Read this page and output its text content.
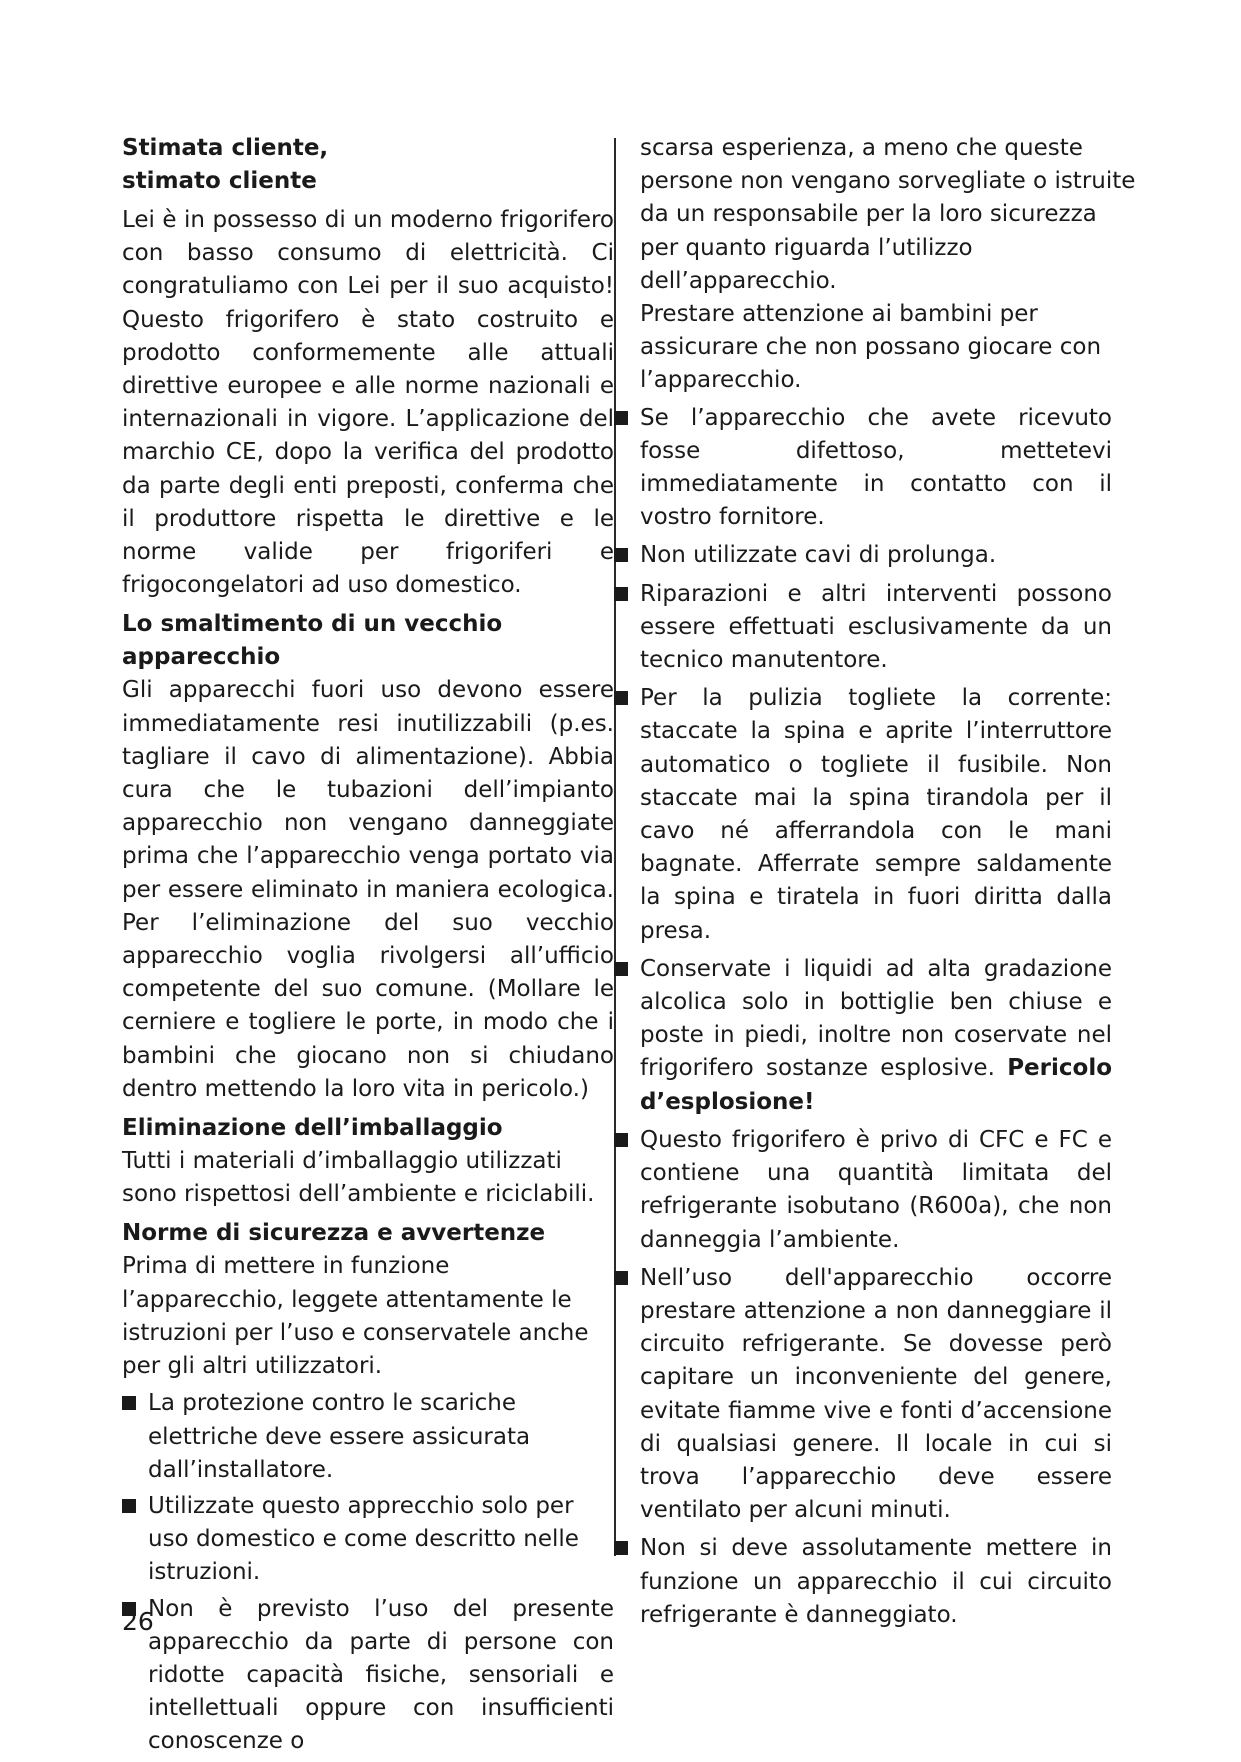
Stimata cliente,

stimato cliente

Lei è in possesso di un moderno frigorifero con basso consumo di elettricità. Ci congratuliamo con Lei per il suo acquisto! Questo frigorifero è stato costruito e prodotto conformemente alle attuali direttive europee e alle norme nazionali e internazionali in vigore. L’applicazione del marchio CE, dopo la verifica del prodotto da parte degli enti preposti, conferma che il produttore rispetta le direttive e le norme valide per frigoriferi e frigocongelatori ad uso domestico.

Lo smaltimento di un vecchio apparecchio

Gli apparecchi fuori uso devono essere immediatamente resi inutilizzabili (p.es. tagliare il cavo di alimentazione). Abbia cura che le tubazioni dell’impianto apparecchio non vengano danneggiate prima che l’apparecchio venga portato via per essere eliminato in maniera ecologica. Per l’eliminazione del suo vecchio apparecchio voglia rivolgersi all’ufficio competente del suo comune. (Mollare le cerniere e togliere le porte, in modo che i bambini che giocano non si chiudano dentro mettendo la loro vita in pericolo.)

Eliminazione dell’imballaggio

Tutti i materiali d’imballaggio utilizzati sono rispettosi dell’ambiente e riciclabili.

Norme di sicurezza e avvertenze

Prima di mettere in funzione l’apparecchio, leggete attentamente le istruzioni per l’uso e conservatele anche per gli altri utilizzatori.

La protezione contro le scariche elettriche deve essere assicurata dall’installatore.
Utilizzate questo apprecchio solo per uso domestico e come descritto nelle istruzioni.
Non è previsto l’uso del presente apparecchio da parte di persone con ridotte capacità fisiche, sensoriali e intellettuali oppure con insufficienti conoscenze o

scarsa esperienza, a meno che queste persone non vengano sorvegliate o istruite da un responsabile per la loro sicurezza per quanto riguarda l’utilizzo dell’apparecchio.

Prestare attenzione ai bambini per assicurare che non possano giocare con l’apparecchio.

Se l’apparecchio che avete ricevuto fosse difettoso, mettetevi immediatamente in contatto con il vostro fornitore.
Non utilizzate cavi di prolunga.
Riparazioni e altri interventi possono essere effettuati esclusivamente da un tecnico manutentore.
Per la pulizia togliete la corrente: staccate la spina e aprite l’interruttore automatico o togliete il fusibile. Non staccate mai la spina tirandola per il cavo né afferrandola con le mani bagnate. Afferrate sempre saldamente la spina e tiratela in fuori diritta dalla presa.
Conservate i liquidi ad alta gradazione alcolica solo in bottiglie ben chiuse e poste in piedi, inoltre non coservate nel frigorifero sostanze esplosive. Pericolo d’esplosione!
Questo frigorifero è privo di CFC e FC e contiene una quantità limitata del refrigerante isobutano (R600a), che non danneggia l’ambiente.
Nell’uso dell'apparecchio occorre prestare attenzione a non danneggiare il circuito refrigerante. Se dovesse però capitare un inconveniente del genere, evitate fiamme vive e fonti d’accensione di qualsiasi genere. Il locale in cui si trova l’apparecchio deve essere ventilato per alcuni minuti.
Non si deve assolutamente mettere in funzione un apparecchio il cui circuito refrigerante è danneggiato.
26
